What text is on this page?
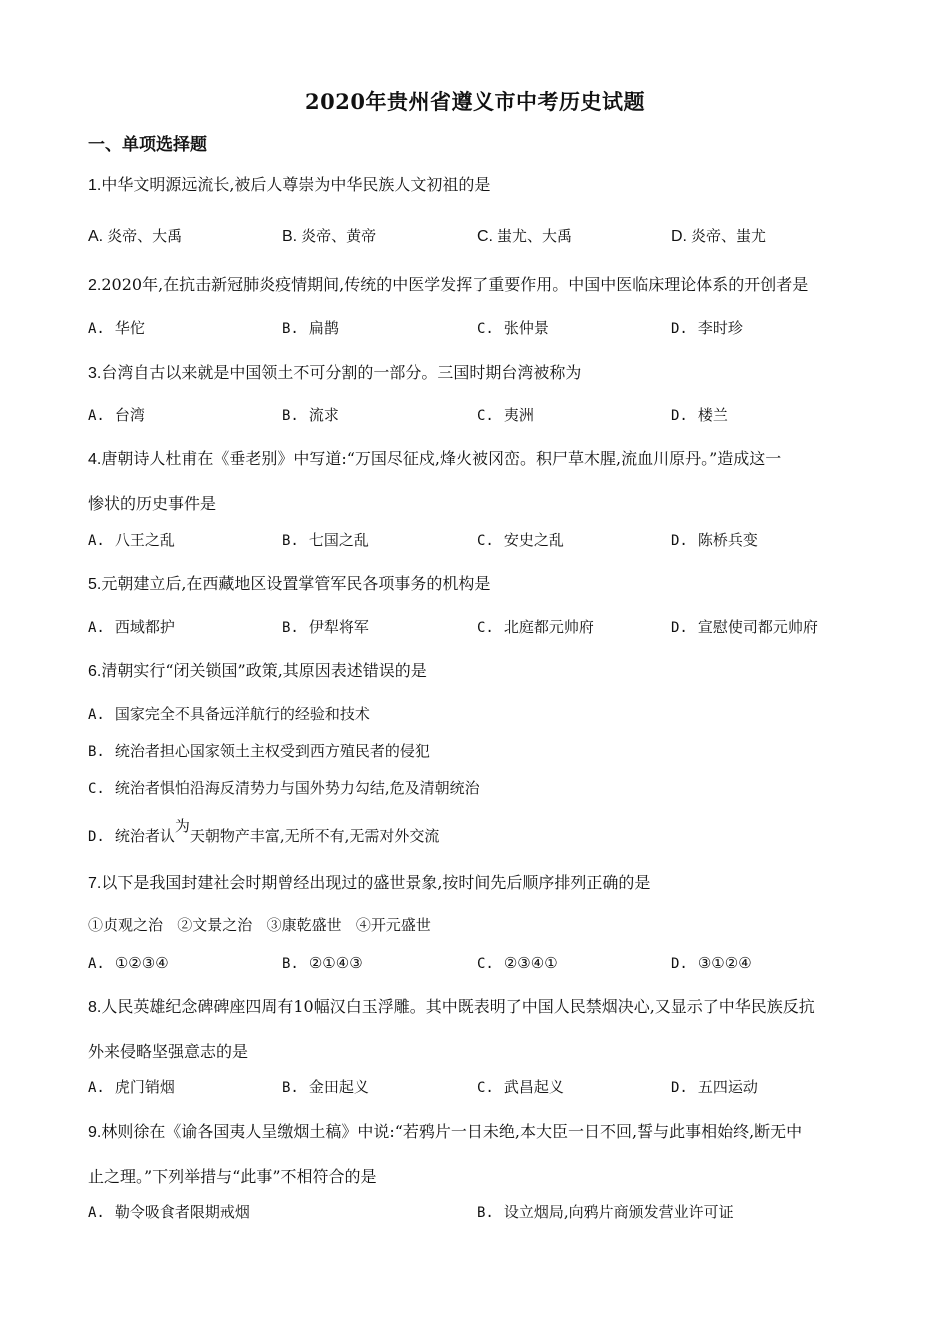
2020年贵州省遵义市中考历史试题
一、单项选择题
1.中华文明源远流长,被后人尊崇为中华民族人文初祖的是
A. 炎帝、大禹	B. 炎帝、黄帝	C. 蚩尤、大禹	D. 炎帝、蚩尤
2.2020年,在抗击新冠肺炎疫情期间,传统的中医学发挥了重要作用。中国中医临床理论体系的开创者是
A. 华佗	B. 扁鹊	C. 张仲景	D. 李时珍
3.台湾自古以来就是中国领土不可分割的一部分。三国时期台湾被称为
A. 台湾	B. 流求	C. 夷洲	D. 楼兰
4.唐朝诗人杜甫在《垂老别》中写道:“万国尽征戍,烽火被冈峦。积尸草木腥,流血川原丹。”造成这一
惨状的历史事件是
A. 八王之乱	B. 七国之乱	C. 安史之乱	D. 陈桥兵变
5.元朝建立后,在西藏地区设置掌管军民各项事务的机构是
A. 西域都护	B. 伊犁将军	C. 北庭都元帅府	D. 宣慰使司都元帅府
6.清朝实行“闭关锁国”政策,其原因表述错误的是
A. 国家完全不具备远洋航行的经验和技术
B. 统治者担心国家领土主权受到西方殖民者的侵犯
C. 统治者惧怕沿海反清势力与国外势力勾结,危及清朝统治
D. 统治者认为天朝物产丰富,无所不有,无需对外交流
7.以下是我国封建社会时期曾经出现过的盛世景象,按时间先后顺序排列正确的是
①贞观之治   ②文景之治   ③康乾盛世   ④开元盛世
A. ①②③④	B. ②①④③	C. ②③④①	D. ③①②④
8.人民英雄纪念碑碑座四周有10幅汉白玉浮雕。其中既表明了中国人民禁烟决心,又显示了中华民族反抗
外来侵略坚强意志的是
A. 虎门销烟	B. 金田起义	C. 武昌起义	D. 五四运动
9.林则徐在《谕各国夷人呈缴烟土稿》中说:“若鸦片一日未绝,本大臣一日不回,誓与此事相始终,断无中
止之理。”下列举措与“此事”不相符合的是
A. 勒令吸食者限期戒烟	B. 设立烟局,向鸦片商颁发营业许可证
